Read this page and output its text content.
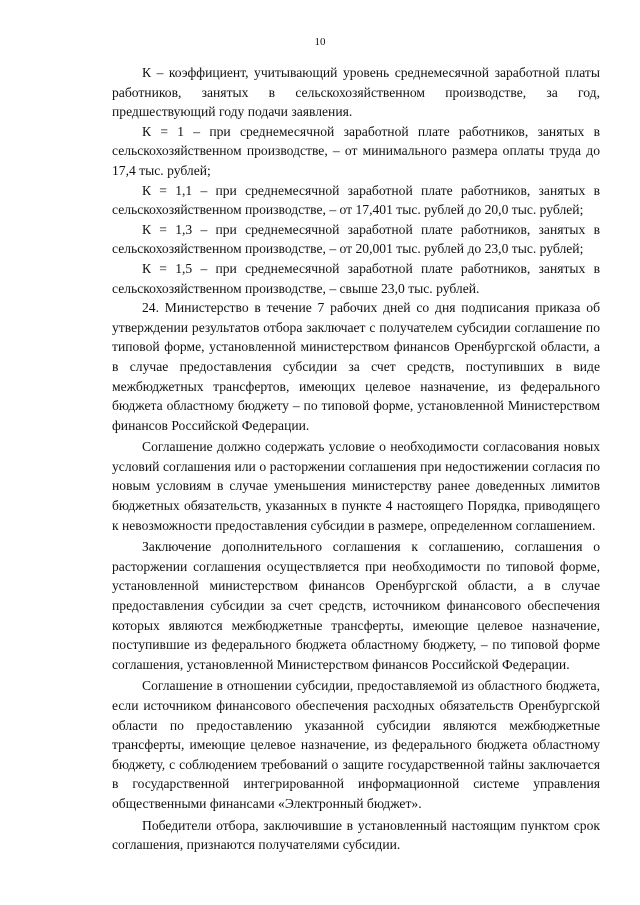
10

К – коэффициент, учитывающий уровень среднемесячной заработной платы работников, занятых в сельскохозяйственном производстве, за год, предшествующий году подачи заявления.

К = 1 – при среднемесячной заработной плате работников, занятых в сельскохозяйственном производстве, – от минимального размера оплаты труда до 17,4 тыс. рублей;

К = 1,1 – при среднемесячной заработной плате работников, занятых в сельскохозяйственном производстве, – от 17,401 тыс. рублей до 20,0 тыс. рублей;

К = 1,3 – при среднемесячной заработной плате работников, занятых в сельскохозяйственном производстве, – от 20,001 тыс. рублей до 23,0 тыс. рублей;

К = 1,5 – при среднемесячной заработной плате работников, занятых в сельскохозяйственном производстве, – свыше 23,0 тыс. рублей.

24. Министерство в течение 7 рабочих дней со дня подписания приказа об утверждении результатов отбора заключает с получателем субсидии соглашение по типовой форме, установленной министерством финансов Оренбургской области, а в случае предоставления субсидии за счет средств, поступивших в виде межбюджетных трансфертов, имеющих целевое назначение, из федерального бюджета областному бюджету – по типовой форме, установленной Министерством финансов Российской Федерации.

Соглашение должно содержать условие о необходимости согласования новых условий соглашения или о расторжении соглашения при недостижении согласия по новым условиям в случае уменьшения министерству ранее доведенных лимитов бюджетных обязательств, указанных в пункте 4 настоящего Порядка, приводящего к невозможности предоставления субсидии в размере, определенном соглашением.

Заключение дополнительного соглашения к соглашению, соглашения о расторжении соглашения осуществляется при необходимости по типовой форме, установленной министерством финансов Оренбургской области, а в случае предоставления субсидии за счет средств, источником финансового обеспечения которых являются межбюджетные трансферты, имеющие целевое назначение, поступившие из федерального бюджета областному бюджету, – по типовой форме соглашения, установленной Министерством финансов Российской Федерации.

Соглашение в отношении субсидии, предоставляемой из областного бюджета, если источником финансового обеспечения расходных обязательств Оренбургской области по предоставлению указанной субсидии являются межбюджетные трансферты, имеющие целевое назначение, из федерального бюджета областному бюджету, с соблюдением требований о защите государственной тайны заключается в государственной интегрированной информационной системе управления общественными финансами «Электронный бюджет».

Победители отбора, заключившие в установленный настоящим пунктом срок соглашения, признаются получателями субсидии.
